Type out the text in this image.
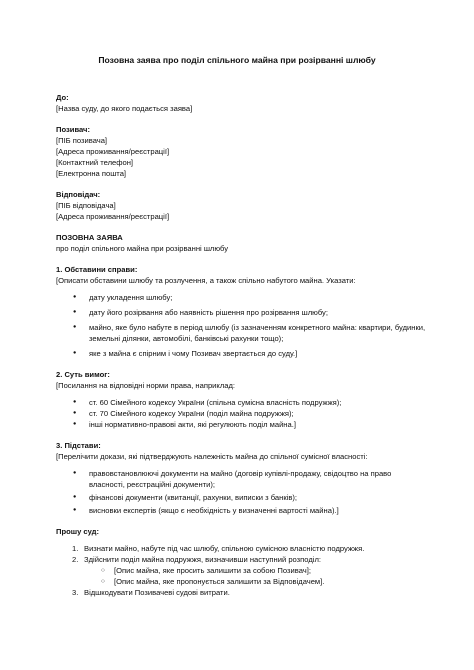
Позовна заява про поділ спільного майна при розірванні шлюбу
До:
[Назва суду, до якого подається заява]
Позивач:
[ПІБ позивача]
[Адреса проживання/реєстрації]
[Контактний телефон]
[Електронна пошта]
Відповідач:
[ПІБ відповідача]
[Адреса проживання/реєстрації]
ПОЗОВНА ЗАЯВА
про поділ спільного майна при розірванні шлюбу
1. Обставини справи:
[Описати обставини шлюбу та розлучення, а також спільно набутого майна. Указати:
● дату укладення шлюбу;
● дату його розірвання або наявність рішення про розірвання шлюбу;
● майно, яке було набуте в період шлюбу (із зазначенням конкретного майна: квартири, будинки, земельні ділянки, автомобілі, банківські рахунки тощо);
● яке з майна є спірним і чому Позивач звертається до суду.]
2. Суть вимог:
[Посилання на відповідні норми права, наприклад:
● ст. 60 Сімейного кодексу України (спільна сумісна власність подружжя);
● ст. 70 Сімейного кодексу України (поділ майна подружжя);
● інші нормативно-правові акти, які регулюють поділ майна.]
3. Підстави:
[Перелічити докази, які підтверджують належність майна до спільної сумісної власності:
● правовстановлюючі документи на майно (договір купівлі-продажу, свідоцтво на право власності, реєстраційні документи);
● фінансові документи (квитанції, рахунки, виписки з банків);
● висновки експертів (якщо є необхідність у визначенні вартості майна).]
Прошу суд:
1. Визнати майно, набуте під час шлюбу, спільною сумісною власністю подружжя.
2. Здійснити поділ майна подружжя, визначивши наступний розподіл:
○ [Опис майна, яке просить залишити за собою Позивач];
○ [Опис майна, яке пропонується залишити за Відповідачем].
3. Відшкодувати Позивачеві судові витрати.
